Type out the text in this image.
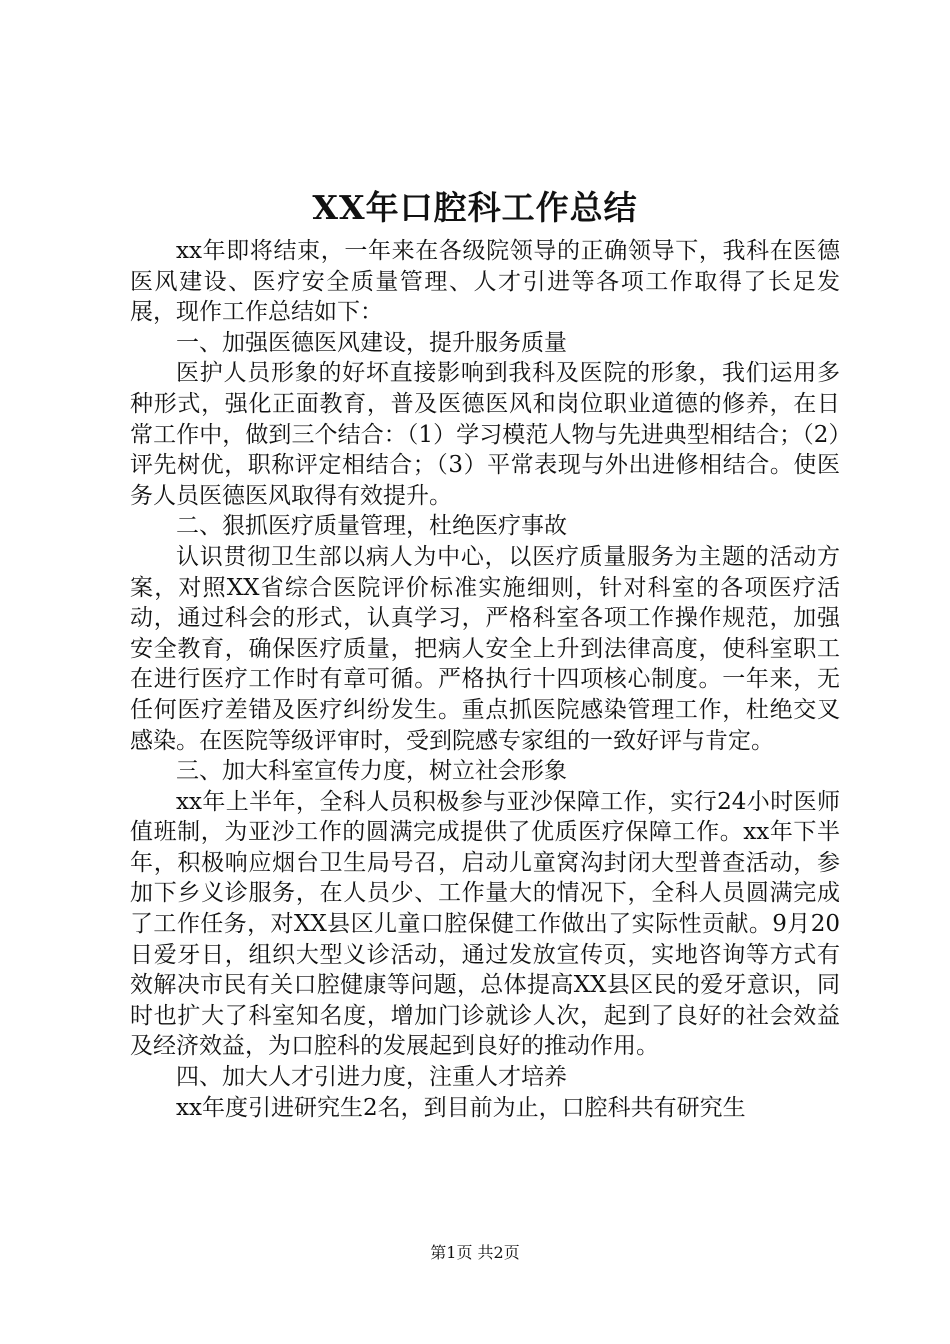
XX年口腔科工作总结

xx年即将结束，一年来在各级院领导的正确领导下，我科在医德医风建设、医疗安全质量管理、人才引进等各项工作取得了长足发展，现作工作总结如下：

一、加强医德医风建设，提升服务质量

医护人员形象的好坏直接影响到我科及医院的形象，我们运用多种形式，强化正面教育，普及医德医风和岗位职业道德的修养，在日常工作中，做到三个结合：（1）学习模范人物与先进典型相结合；（2）评先树优，职称评定相结合；（3）平常表现与外出进修相结合。使医务人员医德医风取得有效提升。

二、狠抓医疗质量管理，杜绝医疗事故

认识贯彻卫生部以病人为中心，以医疗质量服务为主题的活动方案，对照XX省综合医院评价标准实施细则，针对科室的各项医疗活动，通过科会的形式，认真学习，严格科室各项工作操作规范，加强安全教育，确保医疗质量，把病人安全上升到法律高度，使科室职工在进行医疗工作时有章可循。严格执行十四项核心制度。一年来，无任何医疗差错及医疗纠纷发生。重点抓医院感染管理工作，杜绝交叉感染。在医院等级评审时，受到院感专家组的一致好评与肯定。

三、加大科室宣传力度，树立社会形象

xx年上半年，全科人员积极参与亚沙保障工作，实行24小时医师值班制，为亚沙工作的圆满完成提供了优质医疗保障工作。xx年下半年，积极响应烟台卫生局号召，启动儿童窝沟封闭大型普查活动，参加下乡义诊服务，在人员少、工作量大的情况下，全科人员圆满完成了工作任务，对XX县区儿童口腔保健工作做出了实际性贡献。9月20日爱牙日，组织大型义诊活动，通过发放宣传页，实地咨询等方式有效解决市民有关口腔健康等问题，总体提高XX县区民的爱牙意识，同时也扩大了科室知名度，增加门诊就诊人次，起到了良好的社会效益及经济效益，为口腔科的发展起到良好的推动作用。

四、加大人才引进力度，注重人才培养

xx年度引进研究生2名，到目前为止，口腔科共有研究生

第1页 共2页
